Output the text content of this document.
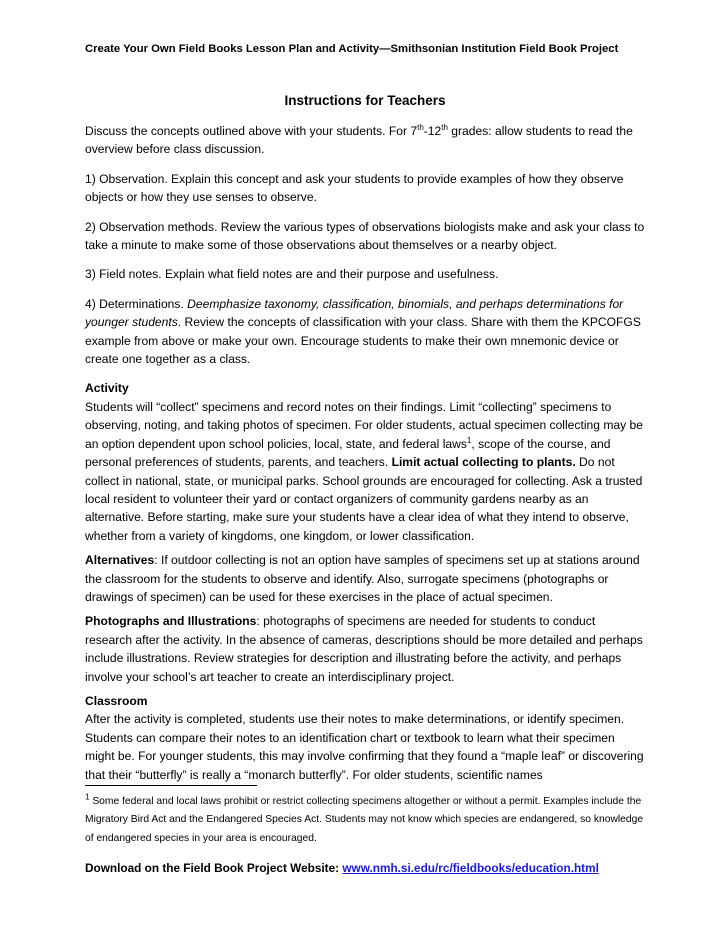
Create Your Own Field Books Lesson Plan and Activity—Smithsonian Institution Field Book Project
Instructions for Teachers

Discuss the concepts outlined above with your students. For 7th-12th grades: allow students to read the overview before class discussion.

1) Observation. Explain this concept and ask your students to provide examples of how they observe objects or how they use senses to observe.

2) Observation methods. Review the various types of observations biologists make and ask your class to take a minute to make some of those observations about themselves or a nearby object.

3) Field notes. Explain what field notes are and their purpose and usefulness.

4) Determinations. Deemphasize taxonomy, classification, binomials, and perhaps determinations for younger students. Review the concepts of classification with your class. Share with them the KPCOFGS example from above or make your own. Encourage students to make their own mnemonic device or create one together as a class.

Activity
Students will “collect” specimens and record notes on their findings. Limit “collecting” specimens to observing, noting, and taking photos of specimen. For older students, actual specimen collecting may be an option dependent upon school policies, local, state, and federal laws$^1$, scope of the course, and personal preferences of students, parents, and teachers. Limit actual collecting to plants. Do not collect in national, state, or municipal parks. School grounds are encouraged for collecting. Ask a trusted local resident to volunteer their yard or contact organizers of community gardens nearby as an alternative. Before starting, make sure your students have a clear idea of what they intend to observe, whether from a variety of kingdoms, one kingdom, or lower classification.

Alternatives: If outdoor collecting is not an option have samples of specimens set up at stations around the classroom for the students to observe and identify. Also, surrogate specimens (photographs or drawings of specimen) can be used for these exercises in the place of actual specimen.

Photographs and Illustrations: photographs of specimens are needed for students to conduct research after the activity. In the absence of cameras, descriptions should be more detailed and perhaps include illustrations. Review strategies for description and illustrating before the activity, and perhaps involve your school’s art teacher to create an interdisciplinary project.

Classroom
After the activity is completed, students use their notes to make determinations, or identify specimen. Students can compare their notes to an identification chart or textbook to learn what their specimen might be. For younger students, this may involve confirming that they found a “maple leaf” or discovering that their “butterfly” is really a “monarch butterfly”. For older students, scientific names

$^1$ Some federal and local laws prohibit or restrict collecting specimens altogether or without a permit. Examples include the Migratory Bird Act and the Endangered Species Act. Students may not know which species are endangered, so knowledge of endangered species in your area is encouraged.
Download on the Field Book Project Website: www.nmh.si.edu/rc/fieldbooks/education.html
